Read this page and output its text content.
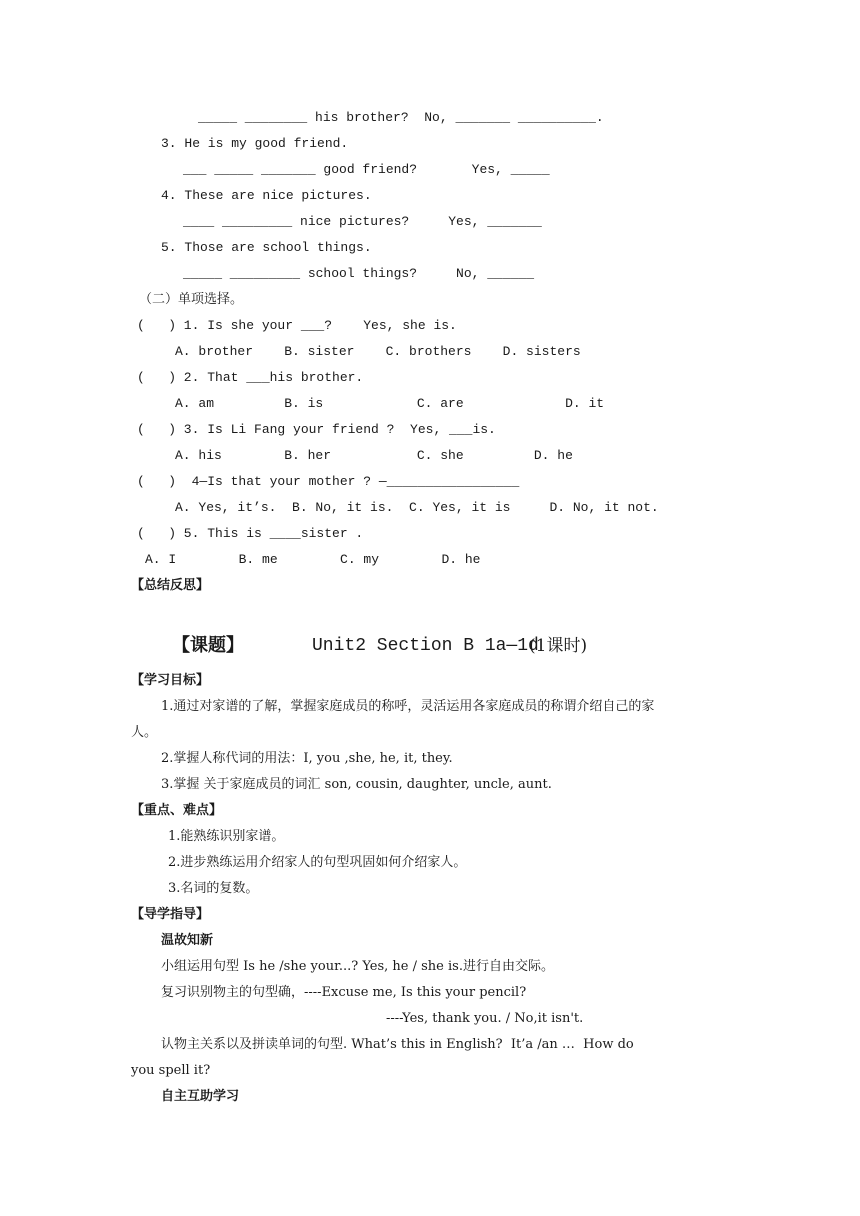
_____ ________ his brother?  No, _______ __________.
3. He is my good friend.
___ _____ _______ good friend?       Yes, _____
4. These are nice pictures.
____ _________ nice pictures?     Yes, _______
5. Those are school things.
_____ _________ school things?     No, ______
（二）单项选择。
(   ) 1. Is she your ___?    Yes, she is.
A. brother    B. sister    C. brothers    D. sisters
(   ) 2. That ___his brother.
A. am         B. is            C. are             D. it
(   ) 3. Is Li Fang your friend ?  Yes, ___is.
A. his        B. her           C. she         D. he
(   )  4—Is that your mother ? —_________________
A. Yes, it’s.  B. No, it is.  C. Yes, it is     D. No, it not.
(   ) 5. This is ____sister .
A. I        B. me        C. my        D. he
【总结反思】
【课题】	Unit2 Section B 1a—1d
(1课时)
【学习目标】
1.通过对家谱的了解，掌握家庭成员的称呼，灵活运用各家庭成员的称谓介绍自己的家
人。
2.掌握人称代词的用法：I, you ,she, he, it, they.
3.掌握 关于家庭成员的词汇 son, cousin, daughter, uncle, aunt.
【重点、难点】
1.能熟练识别家谱。
2.进步熟练运用介绍家人的句型巩固如何介绍家人。
3.名词的复数。
【导学指导】
温故知新
小组运用句型 Is he /she your...? Yes, he / she is.进行自由交际。
复习识别物主的句型确，----Excuse me, Is this your pencil?
----Yes, thank you. / No,it isn't.
认物主关系以及拼读单词的句型. What’s this in English?  It’a /an …  How do
you spell it?
自主互助学习
